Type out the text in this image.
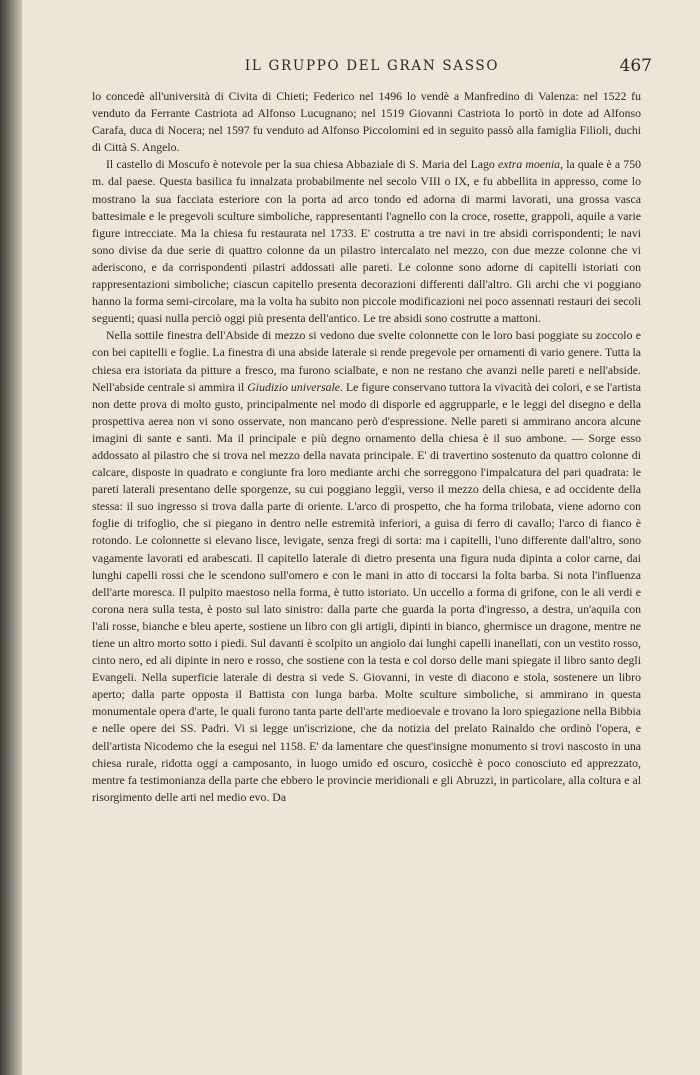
IL GRUPPO DEL GRAN SASSO	467

lo concedè all'università di Civita di Chieti; Federico nel 1496 lo vendè a Manfredino di Valenza: nel 1522 fu venduto da Ferrante Castriota ad Alfonso Lucugnano; nel 1519 Giovanni Castriota lo portò in dote ad Alfonso Carafa, duca di Nocera; nel 1597 fu venduto ad Alfonso Piccolomini ed in seguito passò alla famiglia Filioli, duchi di Città S. Angelo.

Il castello di Moscufo è notevole per la sua chiesa Abbaziale di S. Maria del Lago extra moenia, la quale è a 750 m. dal paese. Questa basilica fu innalzata probabilmente nel secolo VIII o IX, e fu abbellita in appresso, come lo mostrano la sua facciata esteriore con la porta ad arco tondo ed adorna di marmi lavorati, una grossa vasca battesimale e le pregevoli sculture simboliche, rappresentanti l'agnello con la croce, rosette, grappoli, aquile a varie figure intrecciate. Ma la chiesa fu restaurata nel 1733. E' costrutta a tre navi in tre absidi corrispondenti; le navi sono divise da due serie di quattro colonne da un pilastro intercalato nel mezzo, con due mezze colonne che vi aderiscono, e da corrispondenti pilastri addossati alle pareti. Le colonne sono adorne di capitelli istoriati con rappresentazioni simboliche; ciascun capitello presenta decorazioni differenti dall'altro. Gli archi che vi poggiano hanno la forma semi-circolare, ma la volta ha subito non piccole modificazioni nei poco assennati restauri dei secoli seguenti; quasi nulla perciò oggi più presenta dell'antico. Le tre absidi sono costrutte a mattoni.

Nella sottile finestra dell'Abside di mezzo si vedono due svelte colonnette con le loro basi poggiate su zoccolo e con bei capitelli e foglie. La finestra di una abside laterale si rende pregevole per ornamenti di vario genere. Tutta la chiesa era istoriata da pitture a fresco, ma furono scialbate, e non ne restano che avanzi nelle pareti e nell'abside. Nell'abside centrale si ammira il Giudizio universale. Le figure conservano tuttora la vivacità dei colori, e se l'artista non dette prova di molto gusto, principalmente nel modo di disporle ed aggrupparle, e le leggi del disegno e della prospettiva aerea non vi sono osservate, non mancano però d'espressione. Nelle pareti si ammirano ancora alcune imagini di sante e santi. Ma il principale e più degno ornamento della chiesa è il suo ambone. — Sorge esso addossato al pilastro che si trova nel mezzo della navata principale. E' di travertino sostenuto da quattro colonne di calcare, disposte in quadrato e congiunte fra loro mediante archi che sorreggono l'impalcatura del pari quadrata: le pareti laterali presentano delle sporgenze, su cui poggiano leggìi, verso il mezzo della chiesa, e ad occidente della stessa: il suo ingresso si trova dalla parte di oriente. L'arco di prospetto, che ha forma trilobata, viene adorno con foglie di trifoglio, che si piegano in dentro nelle estremità inferiori, a guisa di ferro di cavallo; l'arco di fianco è rotondo. Le colonnette si elevano lisce, levigate, senza fregi di sorta: ma i capitelli, l'uno differente dall'altro, sono vagamente lavorati ed arabescati. Il capitello laterale di dietro presenta una figura nuda dipinta a color carne, dai lunghi capelli rossi che le scendono sull'omero e con le mani in atto di toccarsi la folta barba. Si nota l'influenza dell'arte moresca. Il pulpito maestoso nella forma, è tutto istoriato. Un uccello a forma di grifone, con le ali verdi e corona nera sulla testa, è posto sul lato sinistro: dalla parte che guarda la porta d'ingresso, a destra, un'aquila con l'ali rosse, bianche e bleu aperte, sostiene un libro con gli artigli, dipinti in bianco, ghermisce un dragone, mentre ne tiene un altro morto sotto i piedi. Sul davanti è scolpito un angiolo dai lunghi capelli inanellati, con un vestito rosso, cinto nero, ed ali dipinte in nero e rosso, che sostiene con la testa e col dorso delle mani spiegate il libro santo degli Evangeli. Nella superficie laterale di destra si vede S. Giovanni, in veste di diacono e stola, sostenere un libro aperto; dalla parte opposta il Battista con lunga barba. Molte sculture simboliche, si ammirano in questa monumentale opera d'arte, le quali furono tanta parte dell'arte medioevale e trovano la loro spiegazione nella Bibbia e nelle opere dei SS. Padri. Vi si legge un'iscrizione, che da notizia del prelato Rainaldo che ordinò l'opera, e dell'artista Nicodemo che la esegui nel 1158. E' da lamentare che quest'insigne monumento si trovi nascosto in una chiesa rurale, ridotta oggi a camposanto, in luogo umido ed oscuro, cosicchè è poco conosciuto ed apprezzato, mentre fa testimonianza della parte che ebbero le provincie meridionali e gli Abruzzi, in particolare, alla coltura e al risorgimento delle arti nel medio evo. Da
